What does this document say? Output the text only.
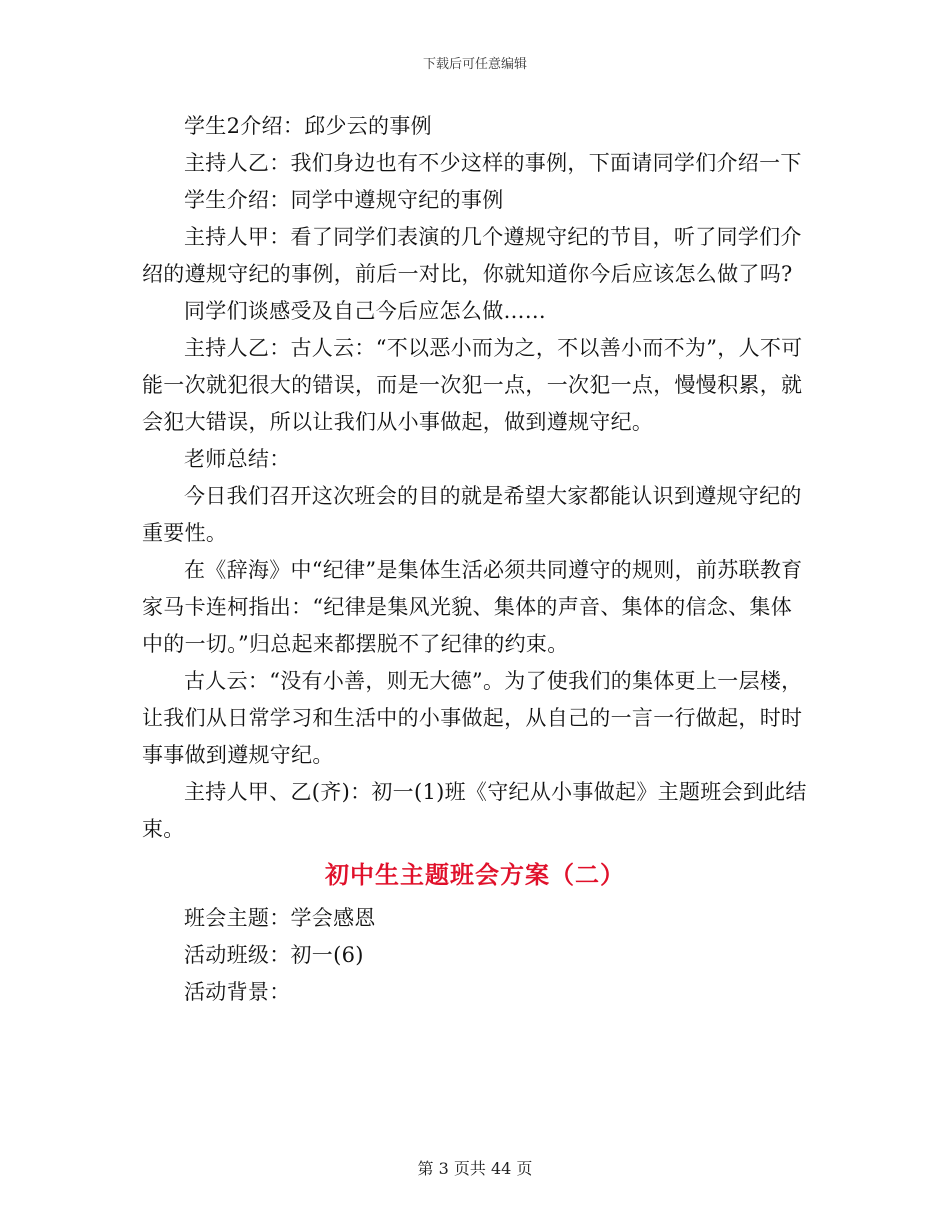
下载后可任意编辑

学生2介绍：邱少云的事例

主持人乙：我们身边也有不少这样的事例，下面请同学们介绍一下

学生介绍：同学中遵规守纪的事例

主持人甲：看了同学们表演的几个遵规守纪的节目，听了同学们介绍的遵规守纪的事例，前后一对比，你就知道你今后应该怎么做了吗?

同学们谈感受及自己今后应怎么做……

主持人乙：古人云：“不以恶小而为之，不以善小而不为”，人不可能一次就犯很大的错误，而是一次犯一点，一次犯一点，慢慢积累，就会犯大错误，所以让我们从小事做起，做到遵规守纪。

老师总结：

今日我们召开这次班会的目的就是希望大家都能认识到遵规守纪的重要性。

在《辞海》中“纪律”是集体生活必须共同遵守的规则，前苏联教育家马卡连柯指出：“纪律是集风光貌、集体的声音、集体的信念、集体中的一切。”归总起来都摆脱不了纪律的约束。

古人云：“没有小善，则无大德”。为了使我们的集体更上一层楼，让我们从日常学习和生活中的小事做起，从自己的一言一行做起，时时事事做到遵规守纪。

主持人甲、乙(齐)：初一(1)班《守纪从小事做起》主题班会到此结束。

初中生主题班会方案（二）

班会主题：学会感恩

活动班级：初一(6)

活动背景：

第 3 页共 44 页
